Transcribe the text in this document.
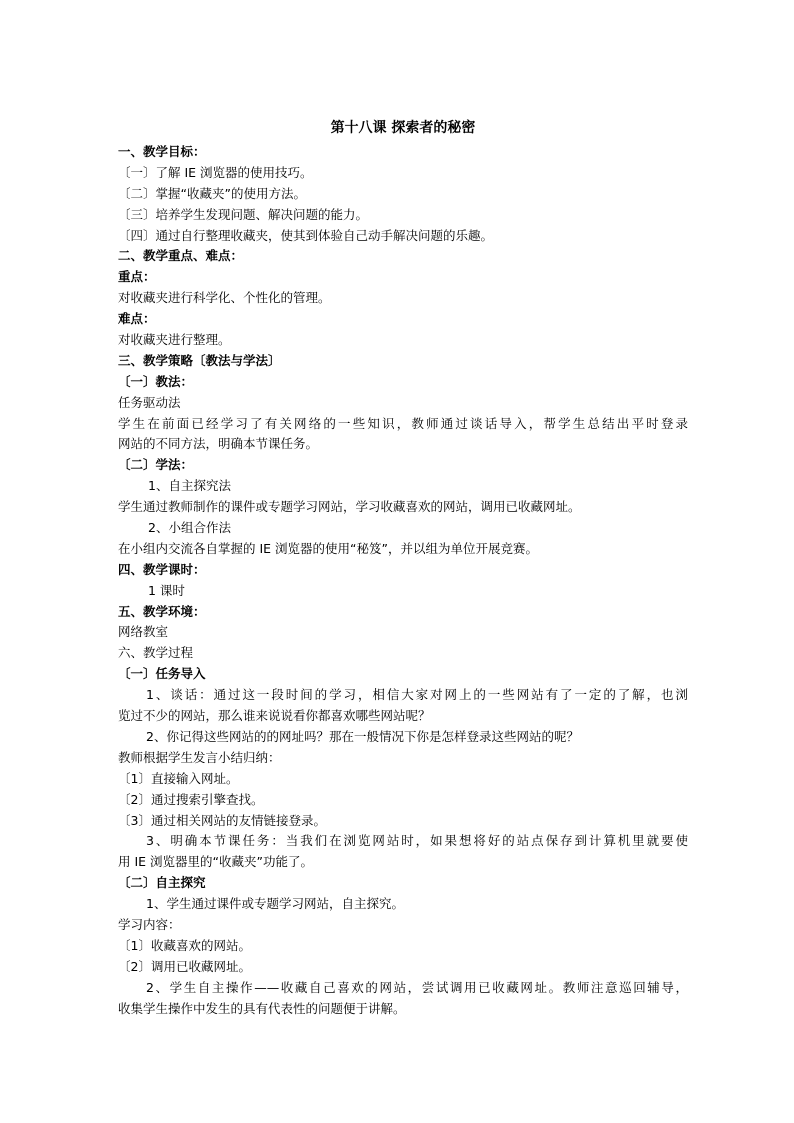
第十八课 探索者的秘密
一、教学目标：
〔一〕了解 IE 浏览器的使用技巧。
〔二〕掌握“收藏夹”的使用方法。
〔三〕培养学生发现问题、解决问题的能力。
〔四〕通过自行整理收藏夹，使其到体验自己动手解决问题的乐趣。
二、教学重点、难点：
重点：
对收藏夹进行科学化、个性化的管理。
难点：
对收藏夹进行整理。
三、教学策略〔教法与学法〕
〔一〕教法：
任务驱动法
学生在前面已经学习了有关网络的一些知识，教师通过谈话导入，帮学生总结出平时登录
网站的不同方法，明确本节课任务。
〔二〕学法：
1、自主探究法
学生通过教师制作的课件或专题学习网站，学习收藏喜欢的网站，调用已收藏网址。
2、小组合作法
在小组内交流各自掌握的 IE 浏览器的使用“秘笈”，并以组为单位开展竞赛。
四、教学课时：
1 课时
五、教学环境：
网络教室
六、教学过程
〔一〕任务导入
1、谈话：通过这一段时间的学习，相信大家对网上的一些网站有了一定的了解，也浏
览过不少的网站，那么谁来说说看你都喜欢哪些网站呢？
2、你记得这些网站的的网址吗？那在一般情况下你是怎样登录这些网站的呢？
教师根据学生发言小结归纳：
〔1〕直接输入网址。
〔2〕通过搜索引擎查找。
〔3〕通过相关网站的友情链接登录。
3、明确本节课任务：当我们在浏览网站时，如果想将好的站点保存到计算机里就要使
用 IE 浏览器里的“收藏夹”功能了。
〔二〕自主探究
1、学生通过课件或专题学习网站，自主探究。
学习内容：
〔1〕收藏喜欢的网站。
〔2〕调用已收藏网址。
2、学生自主操作——收藏自己喜欢的网站，尝试调用已收藏网址。教师注意巡回辅导，
收集学生操作中发生的具有代表性的问题便于讲解。
